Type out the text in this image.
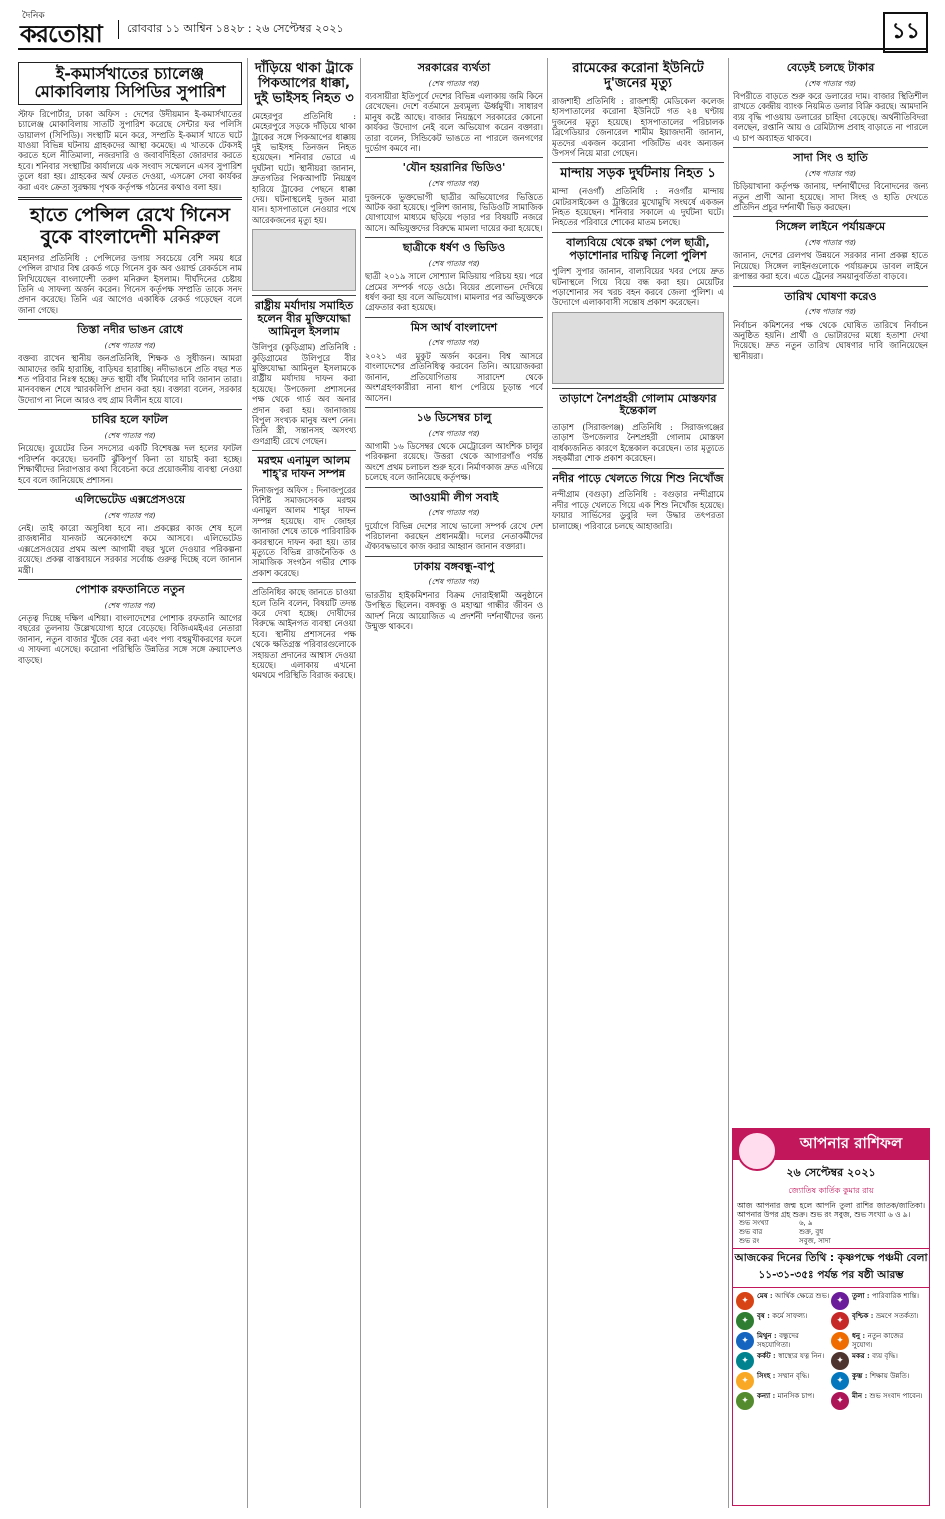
দৈনিক
করতোয়া	রোববার ১১ আশ্বিন ১৪২৮ : ২৬ সেপ্টেম্বর ২০২১	১১
ই-কমার্সখাতের চ্যালেঞ্জ মোকাবিলায় সিপিডির সুপারিশ

স্টাফ রিপোর্টার, ঢাকা অফিস : দেশের উদীয়মান ই-কমার্সখাতের চ্যালেঞ্জ মোকাবিলায় সাতটি সুপারিশ করেছে সেন্টার ফর পলিসি ডায়ালগ (সিপিডি)। সংস্থাটি মনে করে, সম্প্রতি ই-কমার্স খাতে ঘটে যাওয়া বিভিন্ন ঘটনায় গ্রাহকদের আস্থা কমেছে। এ খাতকে টেকসই করতে হলে নীতিমালা, নজরদারি ও জবাবদিহিতা জোরদার করতে হবে। শনিবার সংস্থাটির কার্যালয়ে এক সংবাদ সম্মেলনে এসব সুপারিশ তুলে ধরা হয়। গ্রাহকের অর্থ ফেরত দেওয়া, এসক্রো সেবা কার্যকর করা এবং ক্রেতা সুরক্ষায় পৃথক কর্তৃপক্ষ গঠনের কথাও বলা হয়।

হাতে পেন্সিল রেখে গিনেস বুকে বাংলাদেশী মনিরুল

মহানগর প্রতিনিধি : পেন্সিলের ডগায় সবচেয়ে বেশি সময় ধরে পেন্সিল রাখার বিশ্ব রেকর্ড গড়ে গিনেস বুক অব ওয়ার্ল্ড রেকর্ডসে নাম লিখিয়েছেন বাংলাদেশী তরুণ মনিরুল ইসলাম। দীর্ঘদিনের চেষ্টায় তিনি এ সাফল্য অর্জন করেন। গিনেস কর্তৃপক্ষ সম্প্রতি তাকে সনদ প্রদান করেছে। তিনি এর আগেও একাধিক রেকর্ড গড়েছেন বলে জানা গেছে।

তিস্তা নদীর ভাঙন রোধে
(শেষ পাতার পর)

বক্তব্য রাখেন স্থানীয় জনপ্রতিনিধি, শিক্ষক ও সুধীজন। আমরা আমাদের জমি হারাচ্ছি, বাড়িঘর হারাচ্ছি। নদীভাঙনে প্রতি বছর শত শত পরিবার নিঃস্ব হচ্ছে। দ্রুত স্থায়ী বাঁধ নির্মাণের দাবি জানান তারা। মানববন্ধন শেষে স্মারকলিপি প্রদান করা হয়। বক্তারা বলেন, সরকার উদ্যোগ না নিলে আরও বহু গ্রাম বিলীন হয়ে যাবে।

চাবির হলে ফাটল
(শেষ পাতার পর)

নিয়েছে। বুয়েটের তিন সদস্যের একটি বিশেষজ্ঞ দল হলের ফাটল পরিদর্শন করেছে। ভবনটি ঝুঁকিপূর্ণ কিনা তা যাচাই করা হচ্ছে। শিক্ষার্থীদের নিরাপত্তার কথা বিবেচনা করে প্রয়োজনীয় ব্যবস্থা নেওয়া হবে বলে জানিয়েছে প্রশাসন।

এলিভেটেড এক্সপ্রেসওয়ে
(শেষ পাতার পর)

নেই। তাই কারো অসুবিধা হবে না। প্রকল্পের কাজ শেষ হলে রাজধানীর যানজট অনেকাংশে কমে আসবে। এলিভেটেড এক্সপ্রেসওয়ের প্রথম অংশ আগামী বছর খুলে দেওয়ার পরিকল্পনা রয়েছে। প্রকল্প বাস্তবায়নে সরকার সর্বোচ্চ গুরুত্ব দিচ্ছে বলে জানান মন্ত্রী।

পোশাক রফতানিতে নতুন
(শেষ পাতার পর)

নেতৃত্ব দিচ্ছে দক্ষিণ এশিয়া। বাংলাদেশের পোশাক রফতানি আগের বছরের তুলনায় উল্লেখযোগ্য হারে বেড়েছে। বিজিএমইএর নেতারা জানান, নতুন বাজার খুঁজে বের করা এবং পণ্য বহুমুখীকরণের ফলে এ সাফল্য এসেছে। করোনা পরিস্থিতি উন্নতির সঙ্গে সঙ্গে ক্রয়াদেশও বাড়ছে।

দাঁড়িয়ে থাকা ট্রাকে পিকআপের ধাক্কা, দুই ভাইসহ নিহত ৩

মেহেরপুর প্রতিনিধি : মেহেরপুরে সড়কে দাঁড়িয়ে থাকা ট্রাকের সঙ্গে পিকআপের ধাক্কায় দুই ভাইসহ তিনজন নিহত হয়েছেন। শনিবার ভোরে এ দুর্ঘটনা ঘটে। স্থানীয়রা জানান, দ্রুতগতির পিকআপটি নিয়ন্ত্রণ হারিয়ে ট্রাকের পেছনে ধাক্কা দেয়। ঘটনাস্থলেই দুজন মারা যান। হাসপাতালে নেওয়ার পথে আরেকজনের মৃত্যু হয়।

রাষ্ট্রীয় মর্যাদায় সমাহিত হলেন বীর মুক্তিযোদ্ধা আমিনুল ইসলাম

উলিপুর (কুড়িগ্রাম) প্রতিনিধি : কুড়িগ্রামের উলিপুরে বীর মুক্তিযোদ্ধা আমিনুল ইসলামকে রাষ্ট্রীয় মর্যাদায় দাফন করা হয়েছে। উপজেলা প্রশাসনের পক্ষ থেকে গার্ড অব অনার প্রদান করা হয়। জানাজায় বিপুল সংখ্যক মানুষ অংশ নেন। তিনি স্ত্রী, সন্তানসহ অসংখ্য গুণগ্রাহী রেখে গেছেন।

মরহুম এনামুল আলম শাহ্‌'র দাফন সম্পন্ন

দিনাজপুর অফিস : দিনাজপুরের বিশিষ্ট সমাজসেবক মরহুম এনামুল আলম শাহ্‌র দাফন সম্পন্ন হয়েছে। বাদ জোহর জানাজা শেষে তাকে পারিবারিক কবরস্থানে দাফন করা হয়। তার মৃত্যুতে বিভিন্ন রাজনৈতিক ও সামাজিক সংগঠন গভীর শোক প্রকাশ করেছে।

প্রতিনিধির কাছে জানতে চাওয়া হলে তিনি বলেন, বিষয়টি তদন্ত করে দেখা হচ্ছে। দোষীদের বিরুদ্ধে আইনগত ব্যবস্থা নেওয়া হবে। স্থানীয় প্রশাসনের পক্ষ থেকে ক্ষতিগ্রস্ত পরিবারগুলোকে সহায়তা প্রদানের আশ্বাস দেওয়া হয়েছে। এলাকায় এখনো থমথমে পরিস্থিতি বিরাজ করছে।

সরকারের ব্যর্থতা
(শেষ পাতার পর)

ব্যবসায়ীরা ইতিপূর্বে দেশের বিভিন্ন এলাকায় জমি কিনে রেখেছেন। দেশে বর্তমানে দ্রব্যমূল্য ঊর্ধ্বমুখী। সাধারণ মানুষ কষ্টে আছে। বাজার নিয়ন্ত্রণে সরকারের কোনো কার্যকর উদ্যোগ নেই বলে অভিযোগ করেন বক্তারা। তারা বলেন, সিন্ডিকেট ভাঙতে না পারলে জনগণের দুর্ভোগ কমবে না।

'যৌন হয়রানির ভিডিও'
(শেষ পাতার পর)

দুজনকে ভুক্তভোগী ছাত্রীর অভিযোগের ভিত্তিতে আটক করা হয়েছে। পুলিশ জানায়, ভিডিওটি সামাজিক যোগাযোগ মাধ্যমে ছড়িয়ে পড়ার পর বিষয়টি নজরে আসে। অভিযুক্তদের বিরুদ্ধে মামলা দায়ের করা হয়েছে।

ছাত্রীকে ধর্ষণ ও ভিডিও
(শেষ পাতার পর)

ছাত্রী ২০১৯ সালে সোশ্যাল মিডিয়ায় পরিচয় হয়। পরে প্রেমের সম্পর্ক গড়ে ওঠে। বিয়ের প্রলোভন দেখিয়ে ধর্ষণ করা হয় বলে অভিযোগ। মামলার পর অভিযুক্তকে গ্রেফতার করা হয়েছে।

মিস আর্থ বাংলাদেশ
(শেষ পাতার পর)

২০২১ এর মুকুট অর্জন করেন। বিশ্ব আসরে বাংলাদেশের প্রতিনিধিত্ব করবেন তিনি। আয়োজকরা জানান, প্রতিযোগিতায় সারাদেশ থেকে অংশগ্রহণকারীরা নানা ধাপ পেরিয়ে চূড়ান্ত পর্বে আসেন।

১৬ ডিসেম্বর চালু
(শেষ পাতার পর)

আগামী ১৬ ডিসেম্বর থেকে মেট্রোরেল আংশিক চালুর পরিকল্পনা রয়েছে। উত্তরা থেকে আগারগাঁও পর্যন্ত অংশে প্রথম চলাচল শুরু হবে। নির্মাণকাজ দ্রুত এগিয়ে চলেছে বলে জানিয়েছে কর্তৃপক্ষ।

আওয়ামী লীগ সবাই
(শেষ পাতার পর)

দুর্যোগে বিভিন্ন দেশের সাথে ভালো সম্পর্ক রেখে দেশ পরিচালনা করছেন প্রধানমন্ত্রী। দলের নেতাকর্মীদের ঐক্যবদ্ধভাবে কাজ করার আহ্বান জানান বক্তারা।

ঢাকায় বঙ্গবন্ধু-বাপু
(শেষ পাতার পর)

ভারতীয় হাইকমিশনার বিক্রম দোরাইস্বামী অনুষ্ঠানে উপস্থিত ছিলেন। বঙ্গবন্ধু ও মহাত্মা গান্ধীর জীবন ও আদর্শ নিয়ে আয়োজিত এ প্রদর্শনী দর্শনার্থীদের জন্য উন্মুক্ত থাকবে।

রামেকের করোনা ইউনিটে দু'জনের মৃত্যু

রাজশাহী প্রতিনিধি : রাজশাহী মেডিকেল কলেজ হাসপাতালের করোনা ইউনিটে গত ২৪ ঘণ্টায় দুজনের মৃত্যু হয়েছে। হাসপাতালের পরিচালক ব্রিগেডিয়ার জেনারেল শামীম ইয়াজদানী জানান, মৃতদের একজন করোনা পজিটিভ এবং অন্যজন উপসর্গ নিয়ে মারা গেছেন।

মান্দায় সড়ক দুর্ঘটনায় নিহত ১

মান্দা (নওগাঁ) প্রতিনিধি : নওগাঁর মান্দায় মোটরসাইকেল ও ট্রাক্টরের মুখোমুখি সংঘর্ষে একজন নিহত হয়েছেন। শনিবার সকালে এ দুর্ঘটনা ঘটে। নিহতের পরিবারে শোকের মাতম চলছে।

বাল্যবিয়ে থেকে রক্ষা পেল ছাত্রী, পড়াশোনার দায়িত্ব নিলো পুলিশ

পুলিশ সুপার জানান, বাল্যবিয়ের খবর পেয়ে দ্রুত ঘটনাস্থলে গিয়ে বিয়ে বন্ধ করা হয়। মেয়েটির পড়াশোনার সব খরচ বহন করবে জেলা পুলিশ। এ উদ্যোগে এলাকাবাসী সন্তোষ প্রকাশ করেছেন।

তাড়াশে নৈশপ্রহরী গোলাম মোস্তফার ইন্তেকাল

তাড়াশ (সিরাজগঞ্জ) প্রতিনিধি : সিরাজগঞ্জের তাড়াশ উপজেলার নৈশপ্রহরী গোলাম মোস্তফা বার্ধক্যজনিত কারণে ইন্তেকাল করেছেন। তার মৃত্যুতে সহকর্মীরা শোক প্রকাশ করেছেন।

নদীর পাড়ে খেলতে গিয়ে শিশু নিখোঁজ

নন্দীগ্রাম (বগুড়া) প্রতিনিধি : বগুড়ার নন্দীগ্রামে নদীর পাড়ে খেলতে গিয়ে এক শিশু নিখোঁজ হয়েছে। ফায়ার সার্ভিসের ডুবুরি দল উদ্ধার তৎপরতা চালাচ্ছে। পরিবারে চলছে আহাজারি।

বেড়েই চলছে টাকার
(শেষ পাতার পর)

বিপরীতে বাড়তে শুরু করে ডলারের দাম। বাজার স্থিতিশীল রাখতে কেন্দ্রীয় ব্যাংক নিয়মিত ডলার বিক্রি করছে। আমদানি ব্যয় বৃদ্ধি পাওয়ায় ডলারের চাহিদা বেড়েছে। অর্থনীতিবিদরা বলছেন, রপ্তানি আয় ও রেমিট্যান্স প্রবাহ বাড়াতে না পারলে এ চাপ অব্যাহত থাকবে।

সাদা সিং ও হাতি
(শেষ পাতার পর)

চিড়িয়াখানা কর্তৃপক্ষ জানায়, দর্শনার্থীদের বিনোদনের জন্য নতুন প্রাণী আনা হয়েছে। সাদা সিংহ ও হাতি দেখতে প্রতিদিন প্রচুর দর্শনার্থী ভিড় করছেন।

সিঙ্গেল লাইনে পর্যায়ক্রমে
(শেষ পাতার পর)

জানান, দেশের রেলপথ উন্নয়নে সরকার নানা প্রকল্প হাতে নিয়েছে। সিঙ্গেল লাইনগুলোকে পর্যায়ক্রমে ডাবল লাইনে রূপান্তর করা হবে। এতে ট্রেনের সময়ানুবর্তিতা বাড়বে।

তারিখ ঘোষণা করেও
(শেষ পাতার পর)

নির্বাচন কমিশনের পক্ষ থেকে ঘোষিত তারিখে নির্বাচন অনুষ্ঠিত হয়নি। প্রার্থী ও ভোটারদের মধ্যে হতাশা দেখা দিয়েছে। দ্রুত নতুন তারিখ ঘোষণার দাবি জানিয়েছেন স্থানীয়রা।

আপনার রাশিফল
২৬ সেপ্টেম্বর ২০২১
জ্যোতিষ কার্তিক কুমার রায়
আজ আপনার জন্ম হলে আপনি তুলা রাশির জাতক/জাতিকা। আপনার উপর গ্রহ শুক্র। শুভ রং সবুজ, শুভ সংখ্যা ৬ ও ৯।
শুভ সংখ্যা	৬, ৯
শুভ বার	শুক্র, বুধ
শুভ রং	সবুজ, সাদা
আজকের দিনের তিথি : কৃষ্ণপক্ষে পঞ্চমী বেলা ১১-৩১-৩৫ঃ পর্যন্ত পর ষষ্ঠী আরম্ভ
✦
মেষ : আর্থিক ক্ষেত্রে শুভ। ✦
তুলা : পারিবারিক শান্তি।
✦
বৃষ : কর্মে সাফল্য।	✦
বৃশ্চিক : ভ্রমণে সতর্কতা।
✦
মিথুন : বন্ধুদের সহযোগিতা।	✦
ধনু : নতুন কাজের সুযোগ।
✦
কর্কট : স্বাস্থ্যের যত্ন নিন।	✦
মকর : ব্যয় বৃদ্ধি।
✦
সিংহ : সম্মান বৃদ্ধি।	✦
কুম্ভ : শিক্ষায় উন্নতি।
✦
কন্যা : মানসিক চাপ।	✦
মীন : শুভ সংবাদ পাবেন।
